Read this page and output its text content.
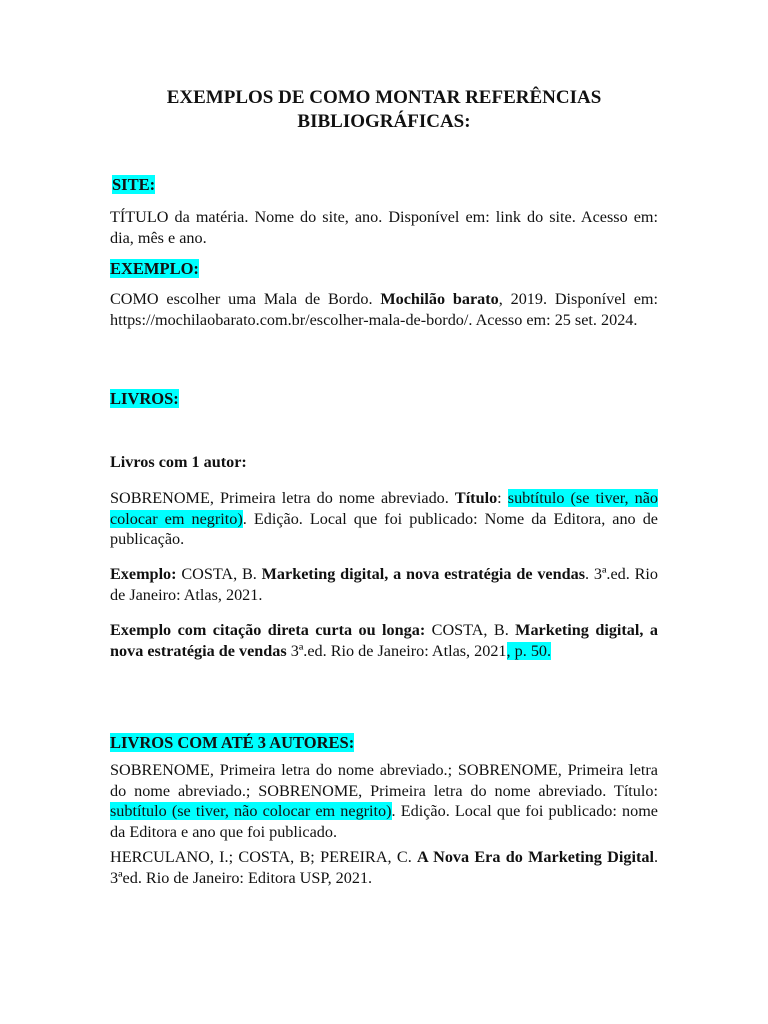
EXEMPLOS DE COMO MONTAR REFERÊNCIAS
BIBLIOGRÁFICAS:

SITE:

TÍTULO da matéria. Nome do site, ano. Disponível em: link do site. Acesso em: dia, mês e ano.

EXEMPLO:

COMO escolher uma Mala de Bordo. Mochilão barato, 2019. Disponível em: https://mochilaobarato.com.br/escolher-mala-de-bordo/. Acesso em: 25 set. 2024.

LIVROS:

Livros com 1 autor:

SOBRENOME, Primeira letra do nome abreviado. Título: subtítulo (se tiver, não colocar em negrito). Edição. Local que foi publicado: Nome da Editora, ano de publicação.

Exemplo: COSTA, B. Marketing digital, a nova estratégia de vendas. 3ª.ed. Rio de Janeiro: Atlas, 2021.

Exemplo com citação direta curta ou longa: COSTA, B. Marketing digital, a nova estratégia de vendas 3ª.ed. Rio de Janeiro: Atlas, 2021, p. 50.

LIVROS COM ATÉ 3 AUTORES:

SOBRENOME, Primeira letra do nome abreviado.; SOBRENOME, Primeira letra do nome abreviado.; SOBRENOME, Primeira letra do nome abreviado. Título: subtítulo (se tiver, não colocar em negrito). Edição. Local que foi publicado: nome da Editora e ano que foi publicado.

HERCULANO, I.; COSTA, B; PEREIRA, C. A Nova Era do Marketing Digital. 3ªed. Rio de Janeiro: Editora USP, 2021.
